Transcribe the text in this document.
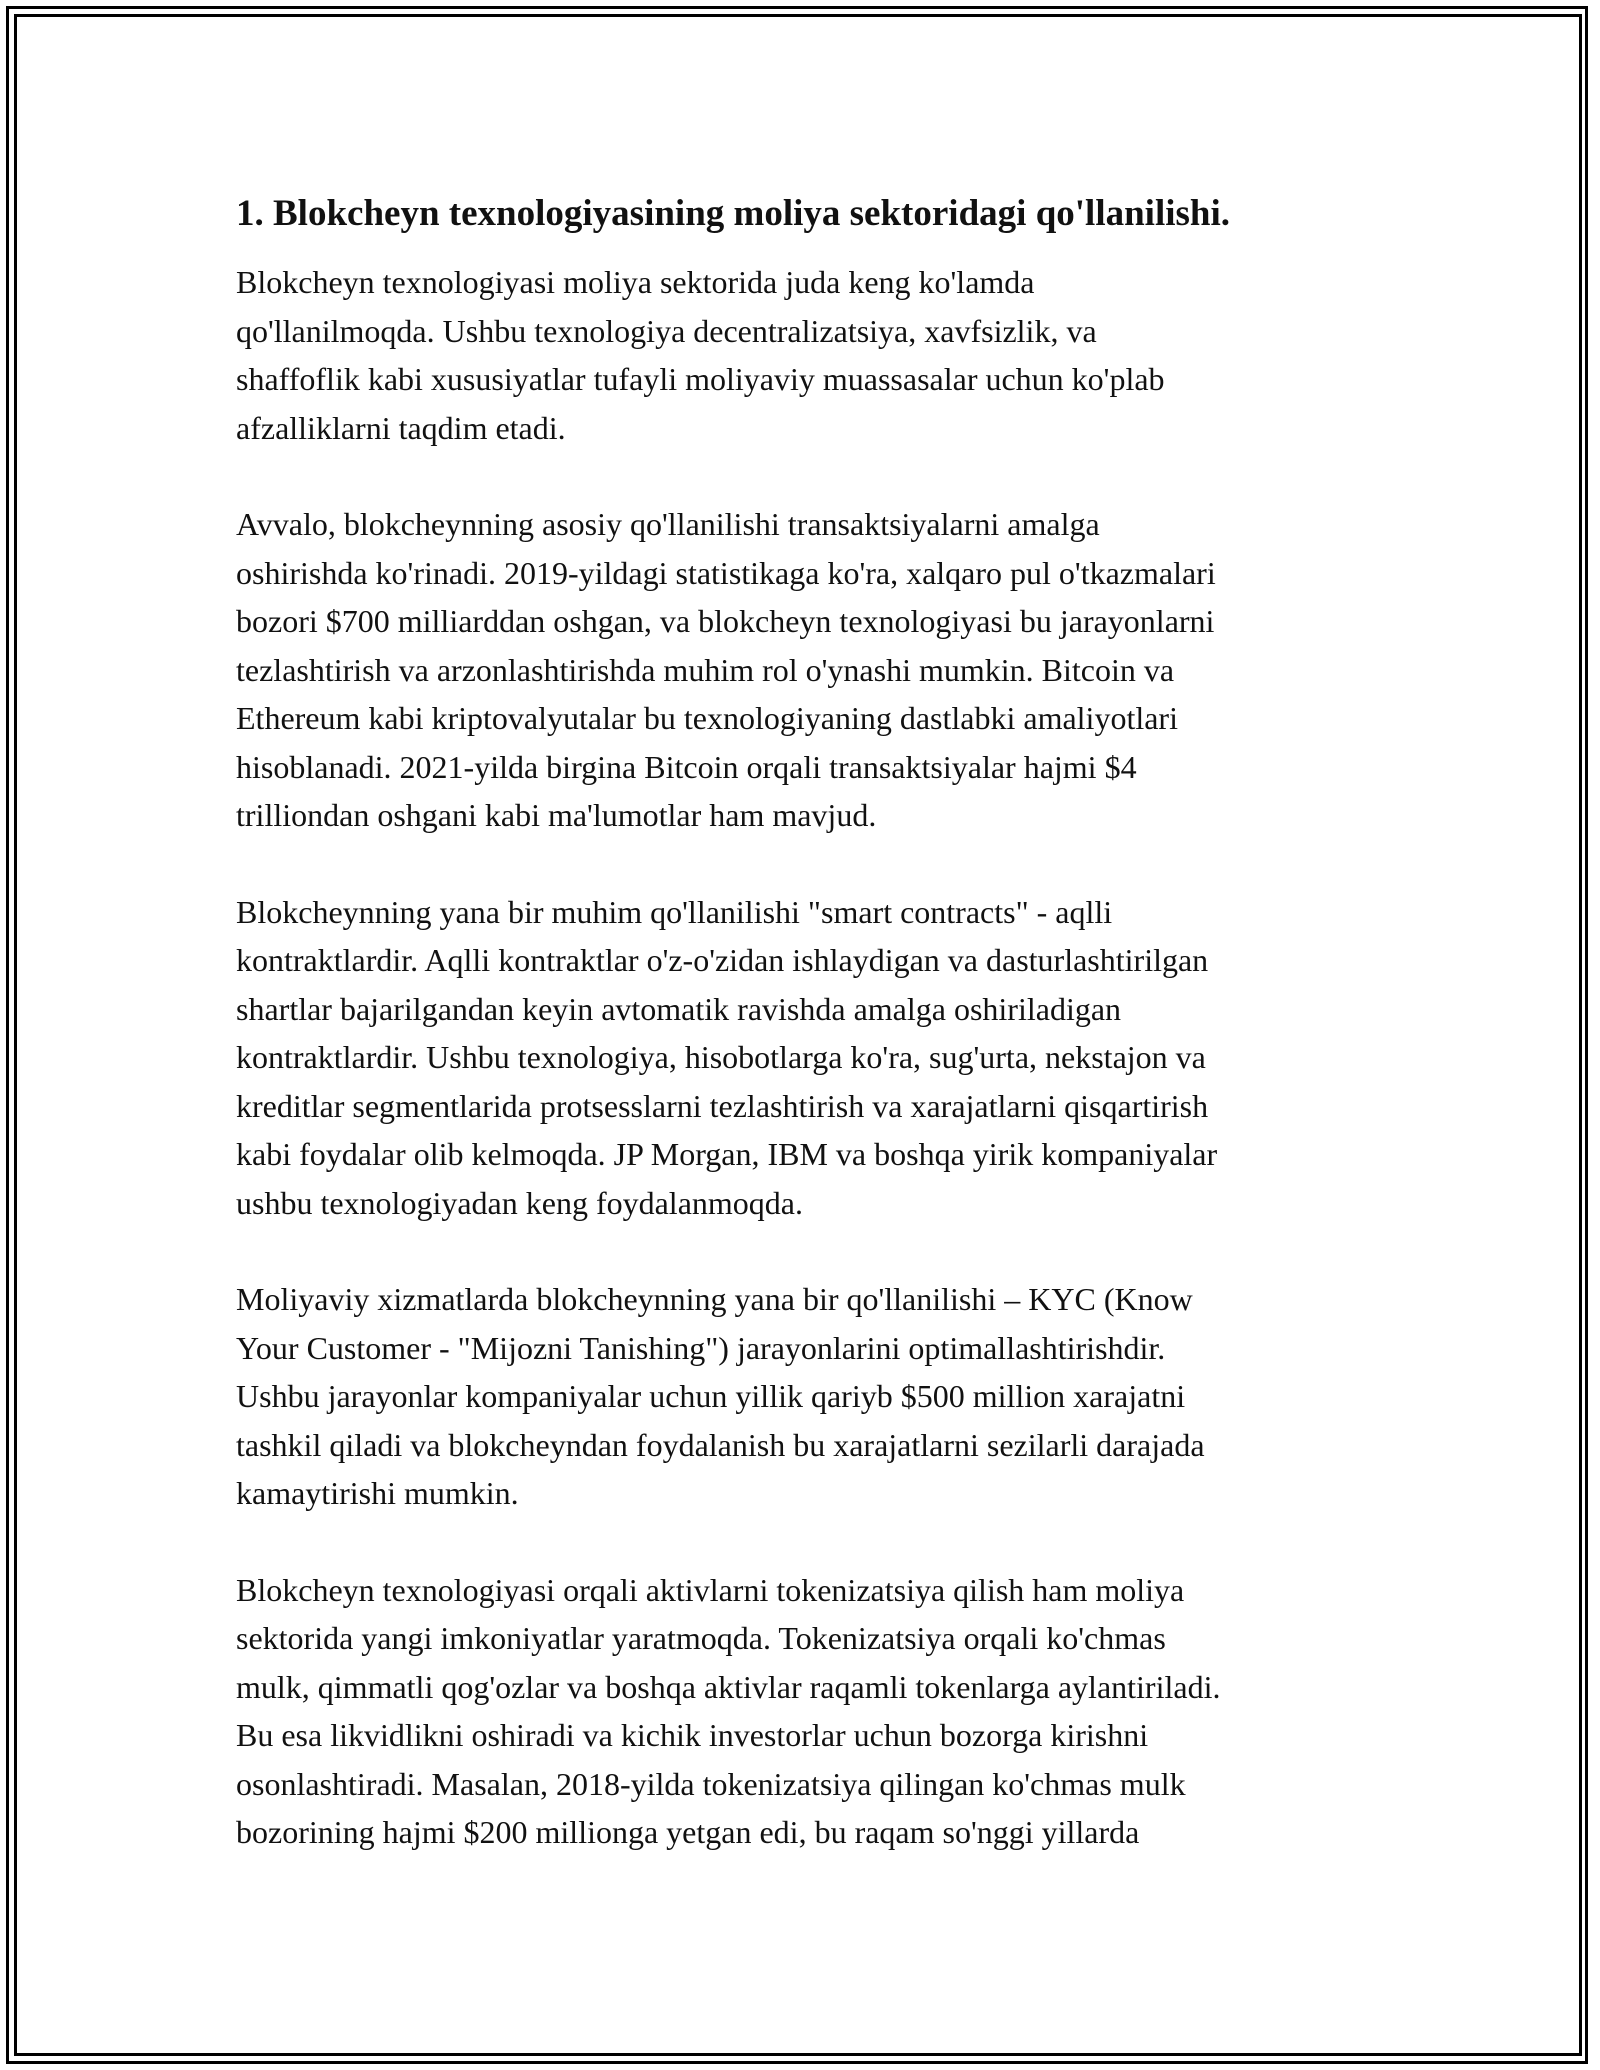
1. Blokcheyn texnologiyasining moliya sektoridagi qo'llanilishi.
Blokcheyn texnologiyasi moliya sektorida juda keng ko'lamda
qo'llanilmoqda. Ushbu texnologiya decentralizatsiya, xavfsizlik, va
shaffoflik kabi xususiyatlar tufayli moliyaviy muassasalar uchun ko'plab
afzalliklarni taqdim etadi.
Avvalo, blokcheynning asosiy qo'llanilishi transaktsiyalarni amalga
oshirishda ko'rinadi. 2019-yildagi statistikaga ko'ra, xalqaro pul o'tkazmalari
bozori $700 milliarddan oshgan, va blokcheyn texnologiyasi bu jarayonlarni
tezlashtirish va arzonlashtirishda muhim rol o'ynashi mumkin. Bitcoin va
Ethereum kabi kriptovalyutalar bu texnologiyaning dastlabki amaliyotlari
hisoblanadi. 2021-yilda birgina Bitcoin orqali transaktsiyalar hajmi $4
trilliondan oshgani kabi ma'lumotlar ham mavjud.
Blokcheynning yana bir muhim qo'llanilishi "smart contracts" - aqlli
kontraktlardir. Aqlli kontraktlar o'z-o'zidan ishlaydigan va dasturlashtirilgan
shartlar bajarilgandan keyin avtomatik ravishda amalga oshiriladigan
kontraktlardir. Ushbu texnologiya, hisobotlarga ko'ra, sug'urta, nekstajon va
kreditlar segmentlarida protsesslarni tezlashtirish va xarajatlarni qisqartirish
kabi foydalar olib kelmoqda. JP Morgan, IBM va boshqa yirik kompaniyalar
ushbu texnologiyadan keng foydalanmoqda.
Moliyaviy xizmatlarda blokcheynning yana bir qo'llanilishi – KYC (Know
Your Customer - "Mijozni Tanishing") jarayonlarini optimallashtirishdir.
Ushbu jarayonlar kompaniyalar uchun yillik qariyb $500 million xarajatni
tashkil qiladi va blokcheyndan foydalanish bu xarajatlarni sezilarli darajada
kamaytirishi mumkin.
Blokcheyn texnologiyasi orqali aktivlarni tokenizatsiya qilish ham moliya
sektorida yangi imkoniyatlar yaratmoqda. Tokenizatsiya orqali ko'chmas
mulk, qimmatli qog'ozlar va boshqa aktivlar raqamli tokenlarga aylantiriladi.
Bu esa likvidlikni oshiradi va kichik investorlar uchun bozorga kirishni
osonlashtiradi. Masalan, 2018-yilda tokenizatsiya qilingan ko'chmas mulk
bozorining hajmi $200 millionga yetgan edi, bu raqam so'nggi yillarda
